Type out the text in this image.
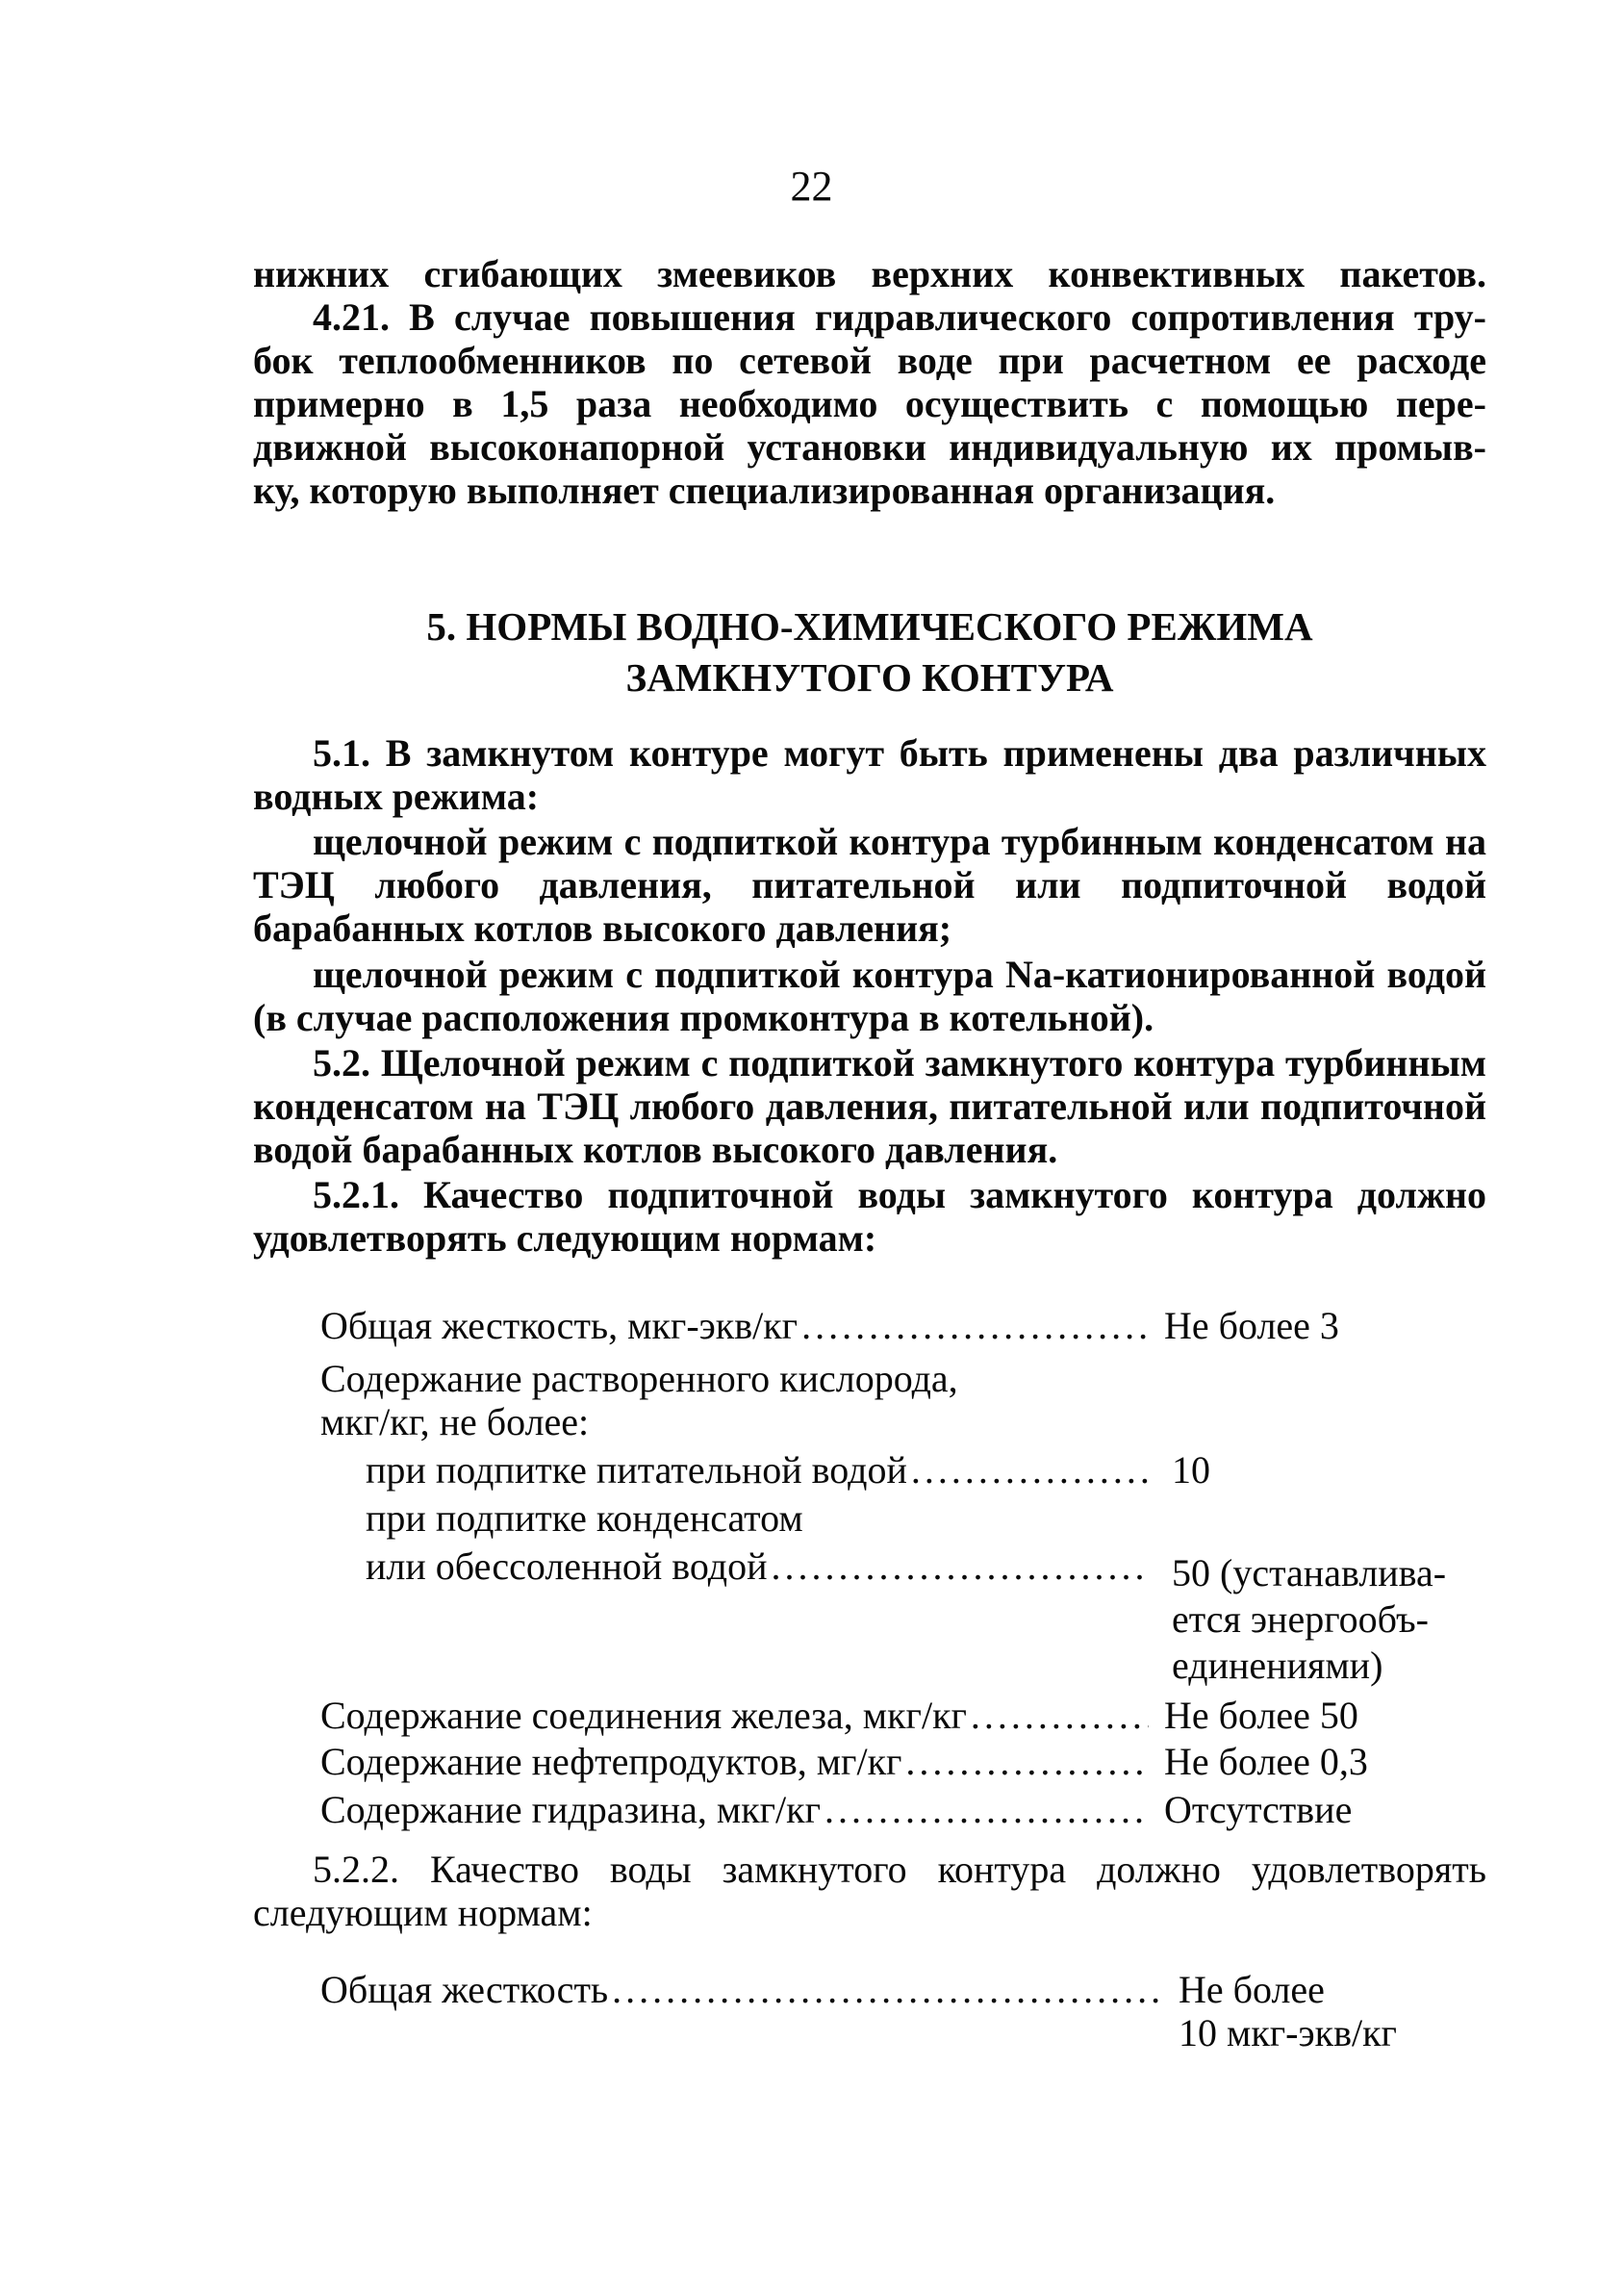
22
нижних сгибающих змеевиков верхних конвективных пакетов.
4.21. В случае повышения гидравлического сопротивления тру-
бок теплообменников по сетевой воде при расчетном ее расходе
примерно в 1,5 раза необходимо осуществить с помощью пере-
движной высоконапорной установки индивидуальную их промыв-
ку, которую выполняет специализированная организация.
5. НОРМЫ ВОДНО-ХИМИЧЕСКОГО РЕЖИМА
ЗАМКНУТОГО КОНТУРА
5.1. В замкнутом контуре могут быть применены два различных водных режима:
щелочной режим с подпиткой контура турбинным конденсатом на ТЭЦ любого давления, питательной или подпиточной водой барабанных котлов высокого давления;
щелочной режим с подпиткой контура Na-катионированной водой (в случае расположения промконтура в котельной).
5.2. Щелочной режим с подпиткой замкнутого контура турбинным конденсатом на ТЭЦ любого давления, питательной или подпиточной водой барабанных котлов высокого давления.
5.2.1. Качество подпиточной воды замкнутого контура должно удовлетворять следующим нормам:
Общая жесткость, мкг-экв/кг . . .	Не более 3
Содержание растворенного кислорода,
мкг/кг, не более:
при подпитке питательной водой . . .	10
при подпитке конденсатом
или обессоленной водой . . .	50 (устанавлива-
ется энергообъ-
единениями)
Содержание соединения железа, мкг/кг . . .	Не более 50
Содержание нефтепродуктов, мг/кг . . .	Не более 0,3
Содержание гидразина, мкг/кг . . .	Отсутствие
5.2.2. Качество воды замкнутого контура должно удовлетворять следующим нормам:
Общая жесткость . . .	Не более
10 мкг-экв/кг
